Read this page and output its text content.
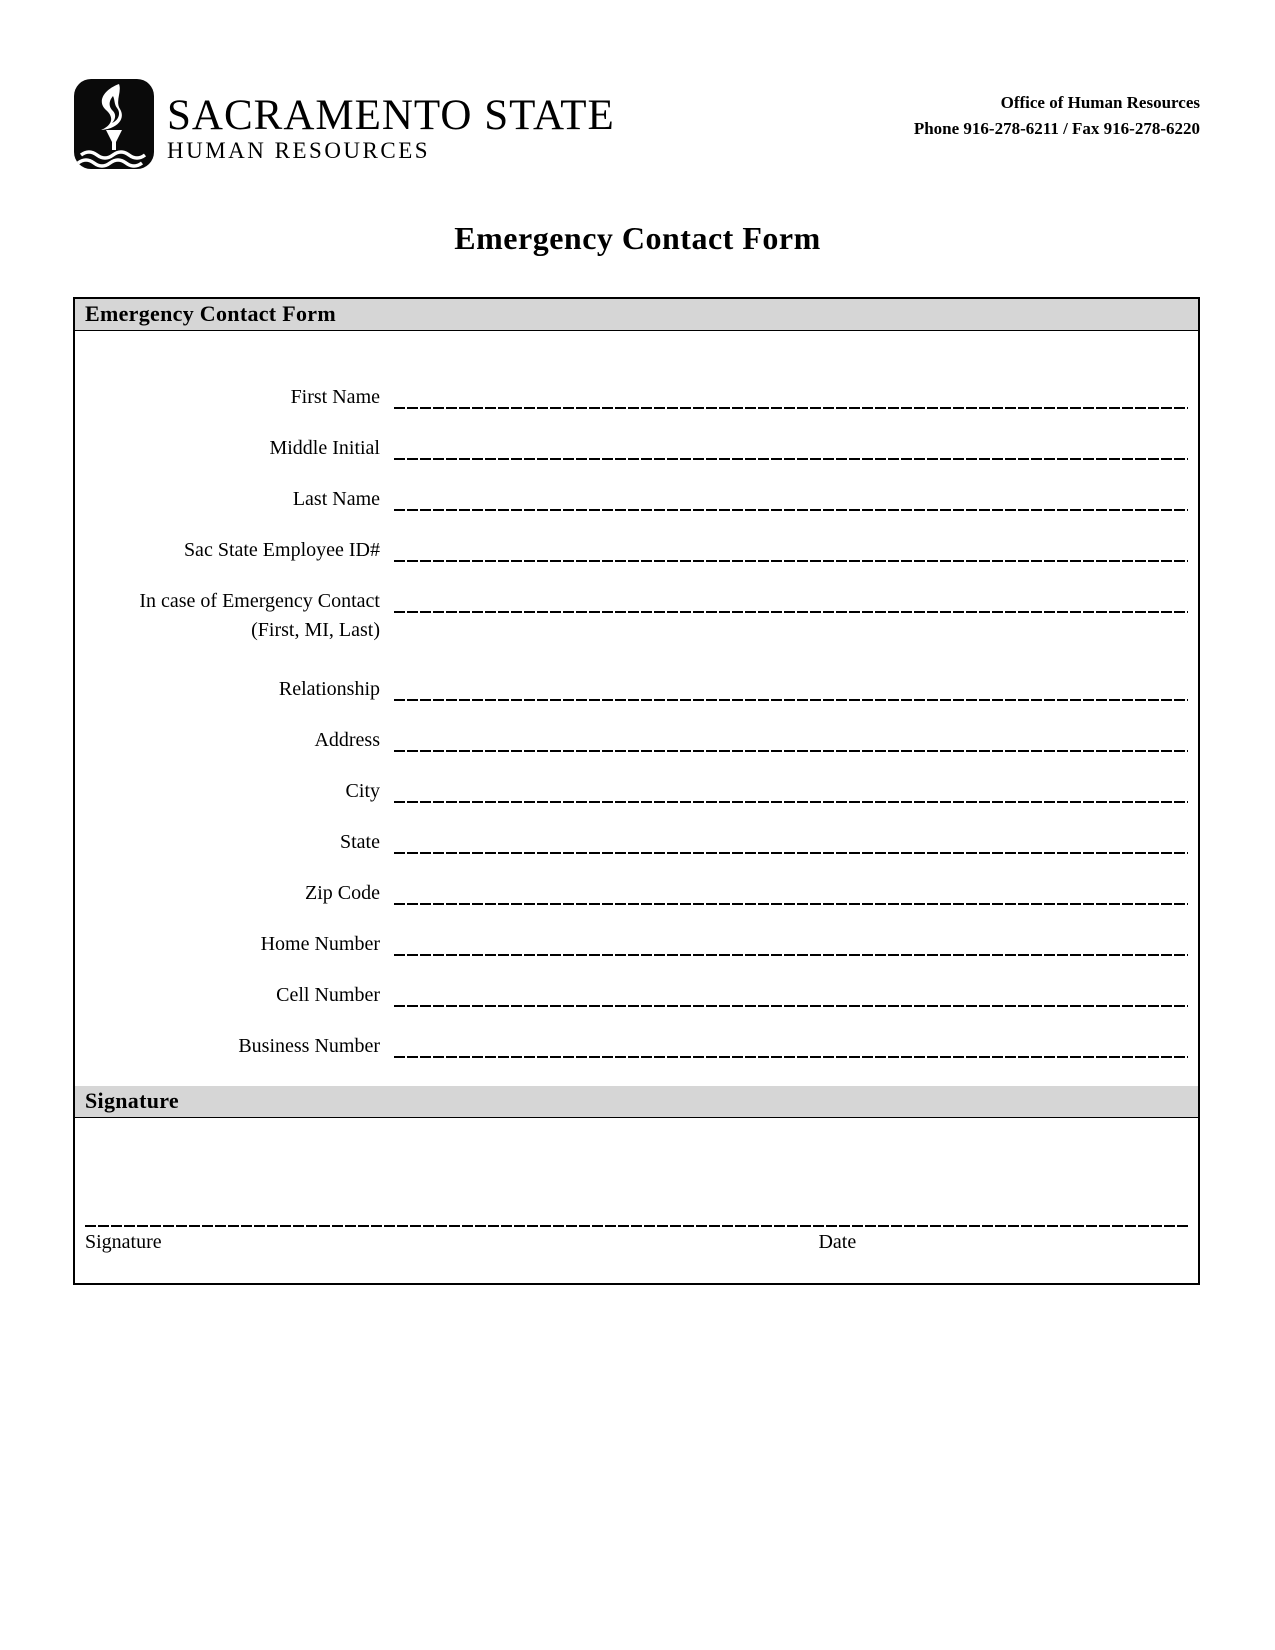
SACRAMENTO STATE
HUMAN RESOURCES
Office of Human Resources
Phone 916-278-6211 / Fax 916-278-6220
Emergency Contact Form
Emergency Contact Form
First Name
Middle Initial
Last Name
Sac State Employee ID#
In case of Emergency Contact
(First, MI, Last)
Relationship
Address
City
State
Zip Code
Home Number
Cell Number
Business Number
Signature
Signature	Date
